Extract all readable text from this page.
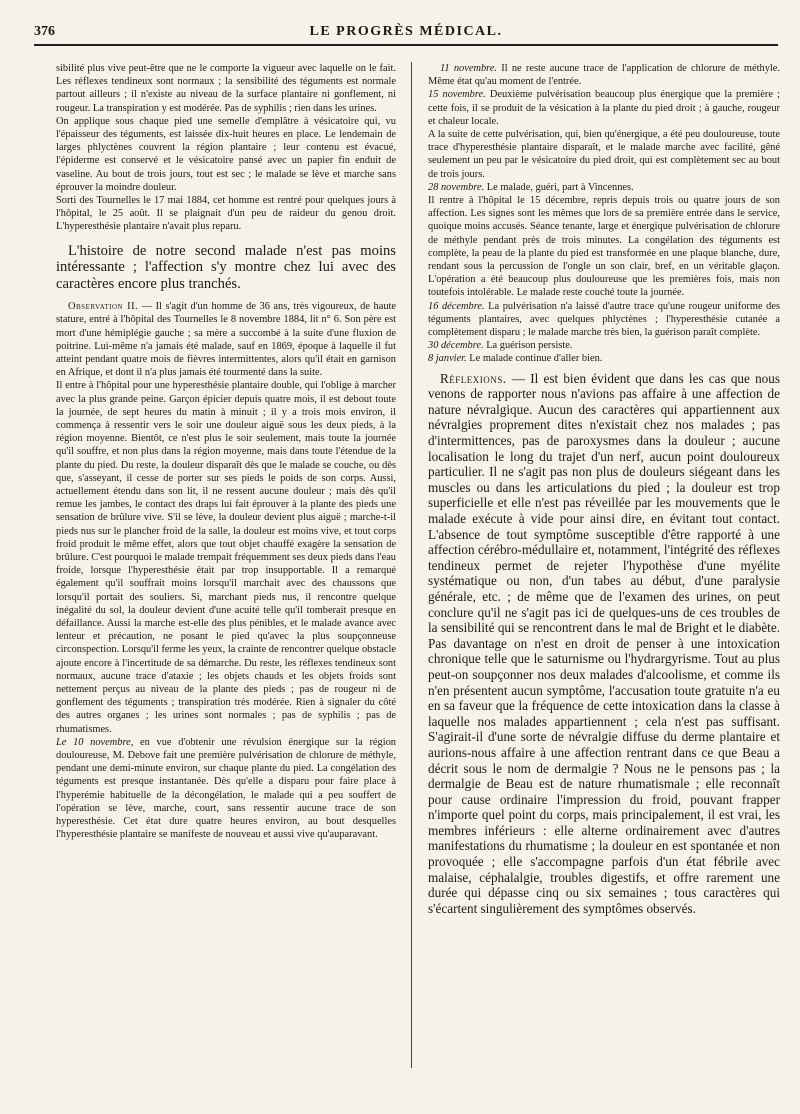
376	LE PROGRÈS MÉDICAL.

sibilité plus vive peut-être que ne le comporte la vigueur avec laquelle on le fait. Les réflexes tendineux sont normaux ; la sensibilité des téguments est normale partout ailleurs ; il n'existe au niveau de la surface plantaire ni gonflement, ni rougeur. La transpiration y est modérée. Pas de syphilis ; rien dans les urines.

On applique sous chaque pied une semelle d'emplâtre à vésicatoire qui, vu l'épaisseur des téguments, est laissée dix-huit heures en place. Le lendemain de larges phlyctènes couvrent la région plantaire ; leur contenu est évacué, l'épiderme est conservé et le vésicatoire pansé avec un papier fin enduit de vaseline. Au bout de trois jours, tout est sec ; le malade se lève et marche sans éprouver la moindre douleur.

Sorti des Tournelles le 17 mai 1884, cet homme est rentré pour quelques jours à l'hôpital, le 25 août. Il se plaignait d'un peu de raideur du genou droit. L'hyperesthésie plantaire n'avait plus reparu.

L'histoire de notre second malade n'est pas moins intéressante ; l'affection s'y montre chez lui avec des caractères encore plus tranchés.

Observation II. — Il s'agit d'un homme de 36 ans, très vigoureux, de haute stature, entré à l'hôpital des Tournelles le 8 novembre 1884, lit n° 6. Son père est mort d'une hémiplégie gauche ; sa mère a succombé à la suite d'une fluxion de poitrine. Lui-même n'a jamais été malade, sauf en 1869, époque à laquelle il fut atteint pendant quatre mois de fièvres intermittentes, alors qu'il était en garnison en Afrique, et dont il n'a plus jamais été tourmenté dans la suite.

Il entre à l'hôpital pour une hyperesthésie plantaire double, qui l'oblige à marcher avec la plus grande peine. Garçon épicier depuis quatre mois, il est debout toute la journée, de sept heures du matin à minuit ; il y a trois mois environ, il commença à ressentir vers le soir une douleur aiguë sous les deux pieds, à la région moyenne. Bientôt, ce n'est plus le soir seulement, mais toute la journée qu'il souffre, et non plus dans la région moyenne, mais dans toute l'étendue de la plante du pied. Du reste, la douleur disparaît dès que le malade se couche, ou dès que, s'asseyant, il cesse de porter sur ses pieds le poids de son corps. Aussi, actuellement étendu dans son lit, il ne ressent aucune douleur ; mais dès qu'il remue les jambes, le contact des draps lui fait éprouver à la plante des pieds une sensation de brûlure vive. S'il se lève, la douleur devient plus aiguë ; marche-t-il pieds nus sur le plancher froid de la salle, la douleur est moins vive, et tout corps froid produit le même effet, alors que tout objet chauffé exagère la sensation de brûlure. C'est pourquoi le malade trempait fréquemment ses deux pieds dans l'eau froide, lorsque l'hyperesthésie était par trop insupportable. Il a remarqué également qu'il souffrait moins lorsqu'il marchait avec des chaussons que lorsqu'il portait des souliers. Si, marchant pieds nus, il rencontre quelque inégalité du sol, la douleur devient d'une acuité telle qu'il tomberait presque en défaillance. Aussi la marche est-elle des plus pénibles, et le malade avance avec lenteur et précaution, ne posant le pied qu'avec la plus soupçonneuse circonspection. Lorsqu'il ferme les yeux, la crainte de rencontrer quelque obstacle ajoute encore à l'incertitude de sa démarche. Du reste, les réflexes tendineux sont normaux, aucune trace d'ataxie ; les objets chauds et les objets froids sont nettement perçus au niveau de la plante des pieds ; pas de rougeur ni de gonflement des téguments ; transpiration très modérée. Rien à signaler du côté des autres organes ; les urines sont normales ; pas de syphilis ; pas de rhumatismes.

Le 10 novembre, en vue d'obtenir une révulsion énergique sur la région douloureuse, M. Debove fait une première pulvérisation de chlorure de méthyle, pendant une demi-minute environ, sur chaque plante du pied. La congélation des téguments est presque instantanée. Dès qu'elle a disparu pour faire place à l'hyperémie habituelle de la décongélation, le malade qui a peu souffert de l'opération se lève, marche, court, sans ressentir aucune trace de son hyperesthésie. Cet état dure quatre heures environ, au bout desquelles l'hyperesthésie plantaire se manifeste de nouveau et aussi vive qu'auparavant.

11 novembre. Il ne reste aucune trace de l'application de chlorure de méthyle. Même état qu'au moment de l'entrée.

15 novembre. Deuxième pulvérisation beaucoup plus énergique que la première ; cette fois, il se produit de la vésication à la plante du pied droit ; à gauche, rougeur et chaleur locale.

A la suite de cette pulvérisation, qui, bien qu'énergique, a été peu douloureuse, toute trace d'hyperesthésie plantaire disparaît, et le malade marche avec facilité, gêné seulement un peu par le vésicatoire du pied droit, qui est complètement sec au bout de trois jours.

28 novembre. Le malade, guéri, part à Vincennes.

Il rentre à l'hôpital le 15 décembre, repris depuis trois ou quatre jours de son affection. Les signes sont les mêmes que lors de sa première entrée dans le service, quoique moins accusés. Séance tenante, large et énergique pulvérisation de chlorure de méthyle pendant près de trois minutes. La congélation des téguments est complète, la peau de la plante du pied est transformée en une plaque blanche, dure, rendant sous la percussion de l'ongle un son clair, bref, en un véritable glaçon. L'opération a été beaucoup plus douloureuse que les premières fois, mais non toutefois intolérable. Le malade reste couché toute la journée.

16 décembre. La pulvérisation n'a laissé d'autre trace qu'une rougeur uniforme des téguments plantaires, avec quelques phlyctènes ; l'hyperesthésie cutanée a complètement disparu ; le malade marche très bien, la guérison paraît complète.

30 décembre. La guérison persiste.

8 janvier. Le malade continue d'aller bien.

Réflexions. — Il est bien évident que dans les cas que nous venons de rapporter nous n'avions pas affaire à une affection de nature névralgique. Aucun des caractères qui appartiennent aux névralgies proprement dites n'existait chez nos malades ; pas d'intermittences, pas de paroxysmes dans la douleur ; aucune localisation le long du trajet d'un nerf, aucun point douloureux particulier. Il ne s'agit pas non plus de douleurs siégeant dans les muscles ou dans les articulations du pied ; la douleur est trop superficielle et elle n'est pas réveillée par les mouvements que le malade exécute à vide pour ainsi dire, en évitant tout contact. L'absence de tout symptôme susceptible d'être rapporté à une affection cérébro-médullaire et, notamment, l'intégrité des réflexes tendineux permet de rejeter l'hypothèse d'une myélite systématique ou non, d'un tabes au début, d'une paralysie générale, etc. ; de même que de l'examen des urines, on peut conclure qu'il ne s'agit pas ici de quelques-uns de ces troubles de la sensibilité qui se rencontrent dans le mal de Bright et le diabète. Pas davantage on n'est en droit de penser à une intoxication chronique telle que le saturnisme ou l'hydrargyrisme. Tout au plus peut-on soupçonner nos deux malades d'alcoolisme, et comme ils n'en présentent aucun symptôme, l'accusation toute gratuite n'a eu en sa faveur que la fréquence de cette intoxication dans la classe à laquelle nos malades appartiennent ; cela n'est pas suffisant. S'agirait-il d'une sorte de névralgie diffuse du derme plantaire et aurions-nous affaire à une affection rentrant dans ce que Beau a décrit sous le nom de dermalgie ? Nous ne le pensons pas ; la dermalgie de Beau est de nature rhumatismale ; elle reconnaît pour cause ordinaire l'impression du froid, pouvant frapper n'importe quel point du corps, mais principalement, il est vrai, les membres inférieurs : elle alterne ordinairement avec d'autres manifestations du rhumatisme ; la douleur en est spontanée et non provoquée ; elle s'accompagne parfois d'un état fébrile avec malaise, céphalalgie, troubles digestifs, et offre rarement une durée qui dépasse cinq ou six semaines ; tous caractères qui s'écartent singulièrement des symptômes observés.
